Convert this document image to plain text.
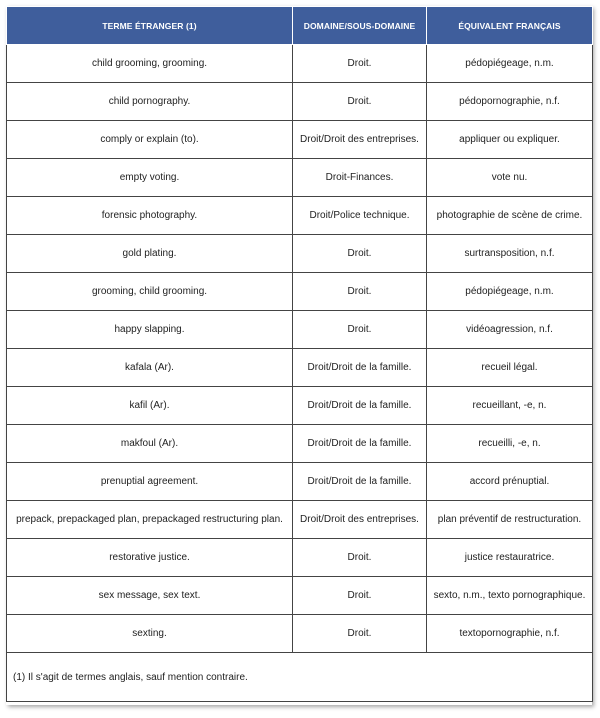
TERME ÉTRANGER (1)	DOMAINE/SOUS-DOMAINE	ÉQUIVALENT FRANÇAIS
child grooming, grooming.	Droit.	pédopiégeage, n.m.
child pornography.	Droit.	pédopornographie, n.f.
comply or explain (to).	Droit/Droit des entreprises.	appliquer ou expliquer.
empty voting.	Droit-Finances.	vote nu.
forensic photography.	Droit/Police technique.	photographie de scène de crime.
gold plating.	Droit.	surtransposition, n.f.
grooming, child grooming.	Droit.	pédopiégeage, n.m.
happy slapping.	Droit.	vidéoagression, n.f.
kafala (Ar).	Droit/Droit de la famille.	recueil légal.
kafil (Ar).	Droit/Droit de la famille.	recueillant, -e, n.
makfoul (Ar).	Droit/Droit de la famille.	recueilli, -e, n.
prenuptial agreement.	Droit/Droit de la famille.	accord prénuptial.
prepack, prepackaged plan, prepackaged restructuring plan.	Droit/Droit des entreprises.	plan préventif de restructuration.
restorative justice.	Droit.	justice restauratrice.
sex message, sex text.	Droit.	sexto, n.m., texto pornographique.
sexting.	Droit.	textopornographie, n.f.
(1) Il s'agit de termes anglais, sauf mention contraire.		
